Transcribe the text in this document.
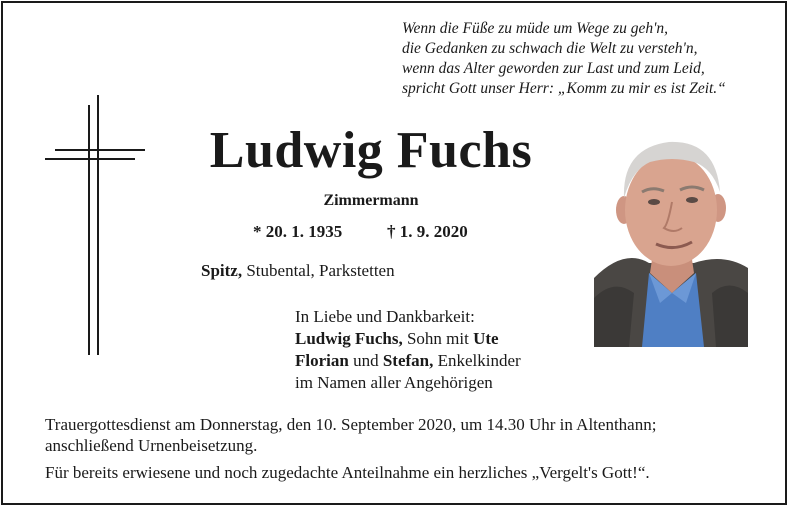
Wenn die Füße zu müde um Wege zu geh'n,
die Gedanken zu schwach die Welt zu versteh'n,
wenn das Alter geworden zur Last und zum Leid,
spricht Gott unser Herr: „Komm zu mir es ist Zeit.“
Ludwig Fuchs
Zimmermann
* 20. 1. 1935	† 1. 9. 2020
Spitz, Stubental, Parkstetten
In Liebe und Dankbarkeit:
Ludwig Fuchs, Sohn mit Ute
Florian und Stefan, Enkelkinder
im Namen aller Angehörigen
Trauergottesdienst am Donnerstag, den 10. September 2020, um 14.30 Uhr in Altenthann;
anschließend Urnenbeisetzung.
Für bereits erwiesene und noch zugedachte Anteilnahme ein herzliches „Vergelt's Gott!“.
